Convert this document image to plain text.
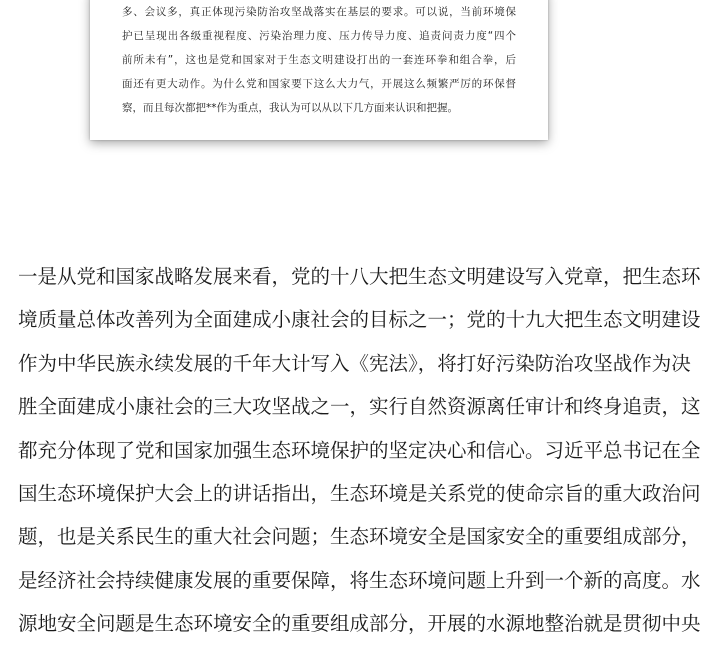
多、会议多，真正体现污染防治攻坚战落实在基层的要求。可以说，当前环境保
护已呈现出各级重视程度、污染治理力度、压力传导力度、追责问责力度“四个
前所未有”，这也是党和国家对于生态文明建设打出的一套连环拳和组合拳，后
面还有更大动作。为什么党和国家要下这么大力气，开展这么频繁严厉的环保督
察，而且每次都把**作为重点，我认为可以从以下几方面来认识和把握。
一是从党和国家战略发展来看，党的十八大把生态文明建设写入党章，把生态环
境质量总体改善列为全面建成小康社会的目标之一；党的十九大把生态文明建设
作为中华民族永续发展的千年大计写入《宪法》，将打好污染防治攻坚战作为决
胜全面建成小康社会的三大攻坚战之一，实行自然资源离任审计和终身追责，这
都充分体现了党和国家加强生态环境保护的坚定决心和信心。习近平总书记在全
国生态环境保护大会上的讲话指出，生态环境是关系党的使命宗旨的重大政治问
题，也是关系民生的重大社会问题；生态环境安全是国家安全的重要组成部分，
是经济社会持续健康发展的重要保障，将生态环境问题上升到一个新的高度。水
源地安全问题是生态环境安全的重要组成部分，开展的水源地整治就是贯彻中央
